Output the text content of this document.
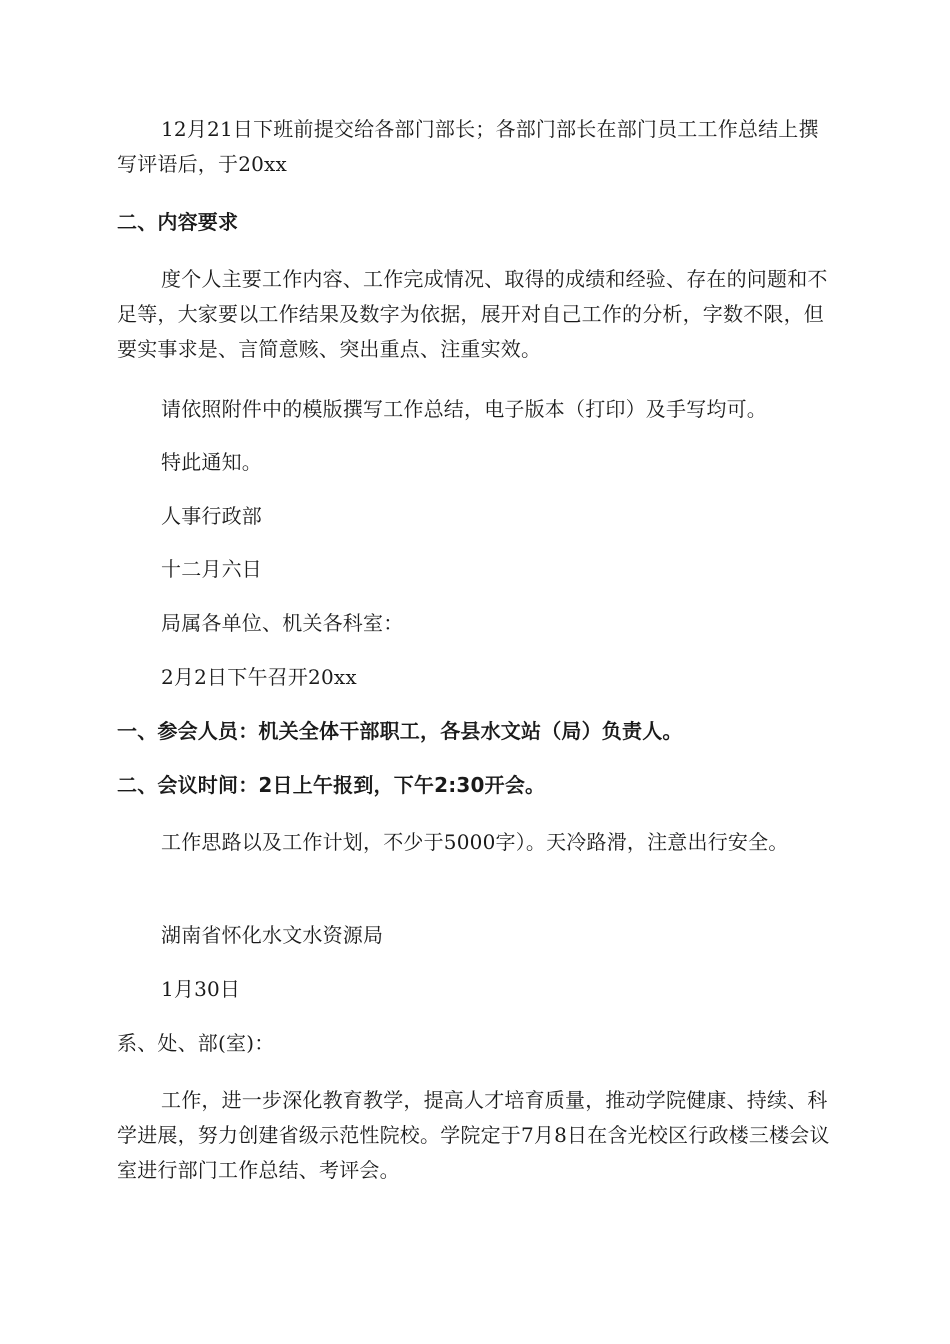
12月21日下班前提交给各部门部长；各部门部长在部门员工工作总结上撰写评语后，于20xx

二、内容要求

度个人主要工作内容、工作完成情况、取得的成绩和经验、存在的问题和不足等，大家要以工作结果及数字为依据，展开对自己工作的分析，字数不限，但要实事求是、言简意赅、突出重点、注重实效。

请依照附件中的模版撰写工作总结，电子版本（打印）及手写均可。

特此通知。

人事行政部

十二月六日

局属各单位、机关各科室：

2月2日下午召开20xx

一、参会人员：机关全体干部职工，各县水文站（局）负责人。

二、会议时间：2日上午报到，下午2:30开会。

工作思路以及工作计划，不少于5000字）。天冷路滑，注意出行安全。

湖南省怀化水文水资源局

1月30日

系、处、部(室)：

工作，进一步深化教育教学，提高人才培育质量，推动学院健康、持续、科学进展，努力创建省级示范性院校。学院定于7月8日在含光校区行政楼三楼会议室进行部门工作总结、考评会。
